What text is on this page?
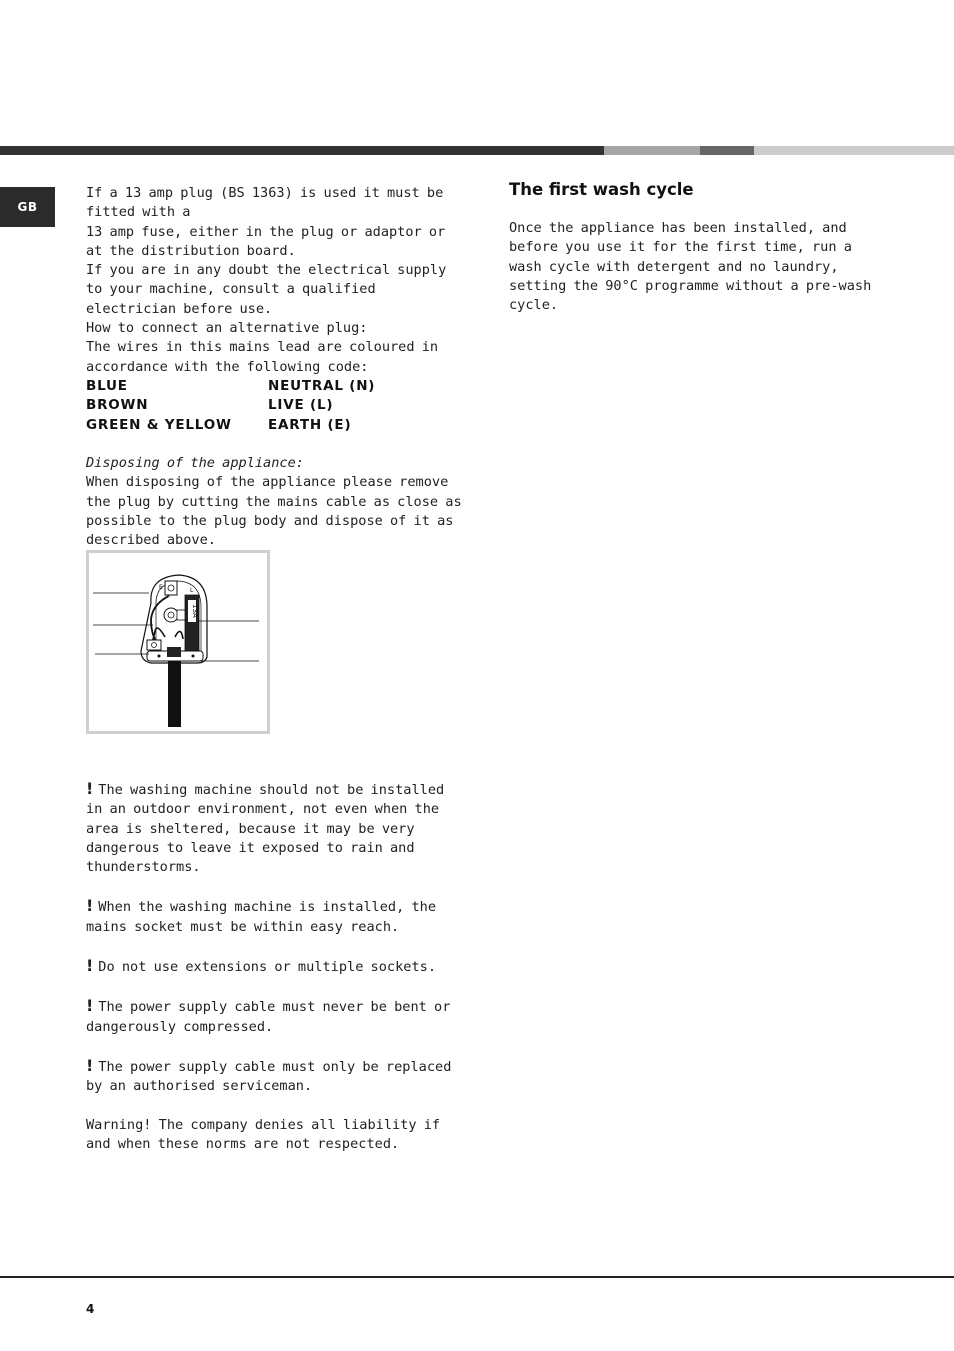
GB

If a 13 amp plug (BS 1363) is used it must be fitted with a

13 amp fuse, either in the plug or adaptor or at the distribution board.

If you are in any doubt the electrical supply to your machine, consult a qualified electrician before use.

How to connect an alternative plug:

The wires in this mains lead are coloured in accordance with the following code:

BLUE	NEUTRAL (N)
BROWN	LIVE (L)
GREEN & YELLOW	EARTH (E)

Disposing of the appliance:

When disposing of the appliance please remove the plug by cutting the mains cable as close as possible to the plug body and dispose of it as described above.

E
13A
L

! The washing machine should not be installed in an outdoor environment, not even when the area is sheltered, because it may be very dangerous to leave it exposed to rain and thunderstorms.

! When the washing machine is installed, the mains socket must be within easy reach.

! Do not use extensions or multiple sockets.

! The power supply cable must never be bent or dangerously compressed.

! The power supply cable must only be replaced by an authorised serviceman.

Warning! The company denies all liability if and when these norms are not respected.

The first wash cycle

Once the appliance has been installed, and before you use it for the first time, run a wash cycle with detergent and no laundry, setting the 90°C programme without a pre-wash cycle.

4
